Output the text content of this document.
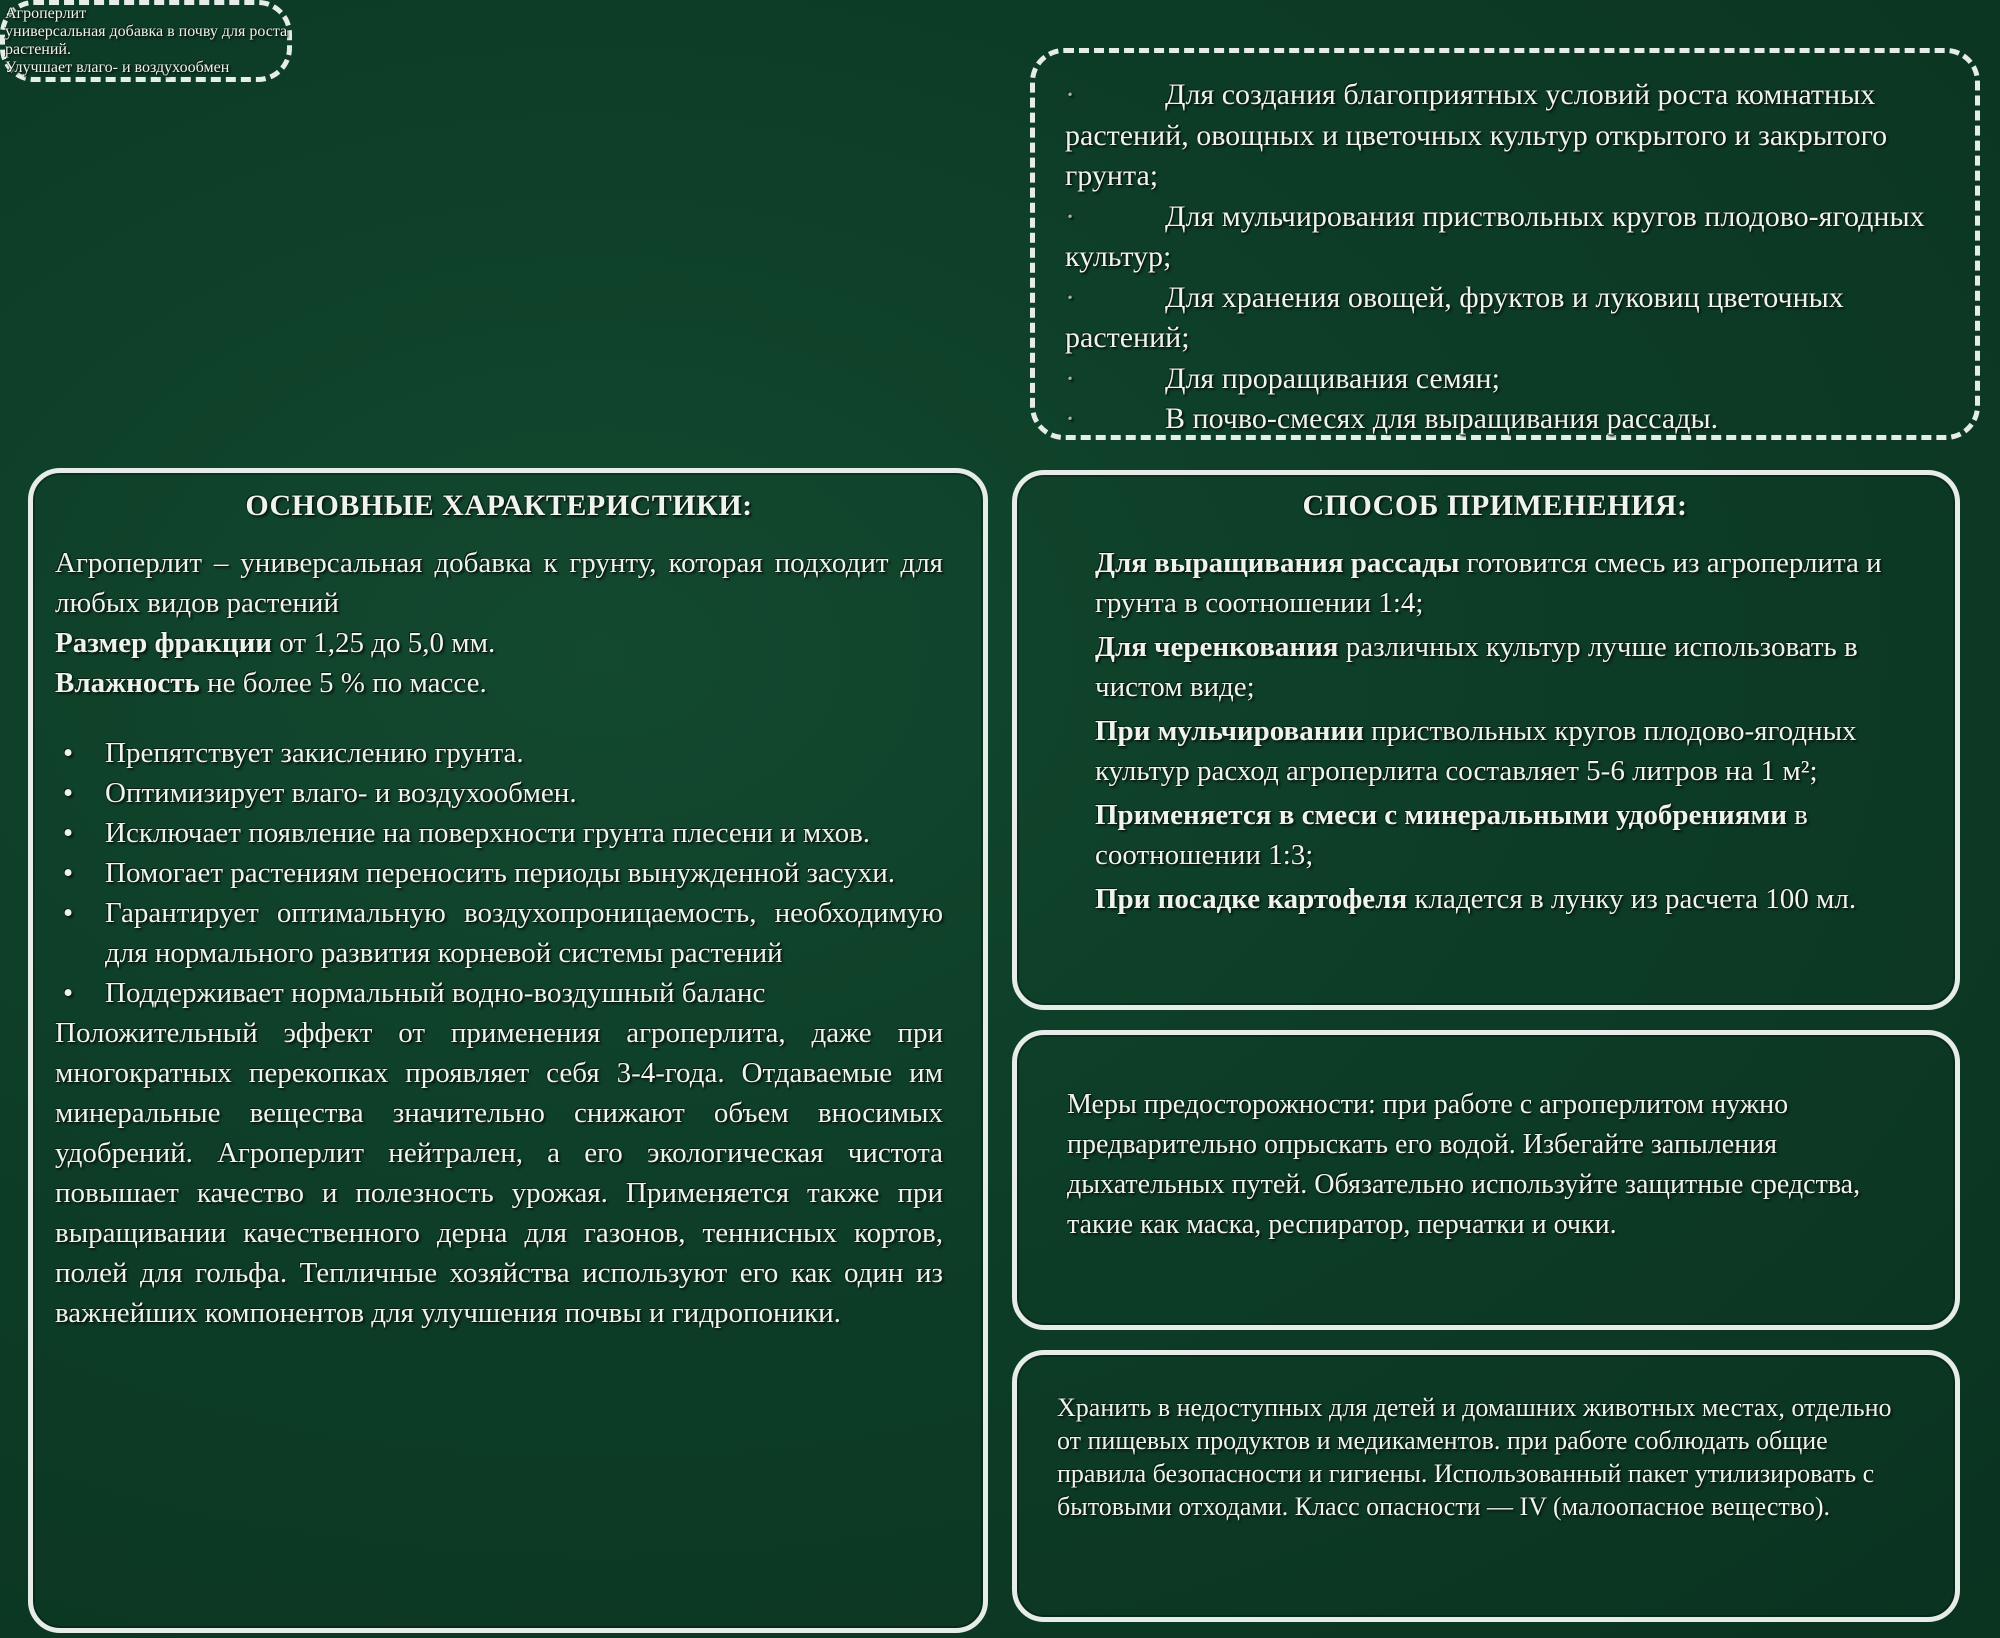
Агроперлит
универсальная добавка в почву для роста
растений.
Улучшает влаго- и воздухообмен
·	Для создания благоприятных условий роста комнатных растений, овощных и цветочных культур открытого и закрытого грунта;
·	Для мульчирования приствольных кругов плодово-ягодных культур;
·	Для хранения овощей, фруктов и луковиц цветочных растений;
·	Для проращивания семян;
·	В почво-смесях для выращивания рассады.
ОСНОВНЫЕ ХАРАКТЕРИСТИКИ:
Агроперлит – универсальная добавка к грунту, которая подходит для любых видов растений
Размер фракции от 1,25 до 5,0 мм.
Влажность не более 5 % по массе.
• Препятствует закислению грунта.
• Оптимизирует влаго- и воздухообмен.
• Исключает появление на поверхности грунта плесени и мхов.
• Помогает растениям переносить периоды вынужденной засухи.
• Гарантирует оптимальную воздухопроницаемость, необходимую для нормального развития корневой системы растений
• Поддерживает нормальный водно-воздушный баланс
Положительный эффект от применения агроперлита, даже при многократных перекопках проявляет себя 3-4-года. Отдаваемые им минеральные вещества значительно снижают объем вносимых удобрений. Агроперлит нейтрален, а его экологическая чистота повышает качество и полезность урожая. Применяется также при выращивании качественного дерна для газонов, теннисных кортов, полей для гольфа. Тепличные хозяйства используют его как один из важнейших компонентов для улучшения почвы и гидропоники.
СПОСОБ ПРИМЕНЕНИЯ:
Для выращивания рассады готовится смесь из агроперлита и грунта в соотношении 1:4;
Для черенкования различных культур лучше использовать в чистом виде;
При мульчировании приствольных кругов плодово-ягодных культур расход агроперлита составляет 5-6 литров на 1 м²;
Применяется в смеси с минеральными удобрениями в соотношении 1:3;
При посадке картофеля кладется в лунку из расчета 100 мл.
Меры предосторожности: при работе с агроперлитом нужно предварительно опрыскать его водой. Избегайте запыления дыхательных путей. Обязательно используйте защитные средства, такие как маска, респиратор, перчатки и очки.
Хранить в недоступных для детей и домашних животных местах, отдельно от пищевых продуктов и медикаментов. при работе соблюдать общие правила безопасности и гигиены. Использованный пакет утилизировать с бытовыми отходами. Класс опасности — IV (малоопасное вещество).
